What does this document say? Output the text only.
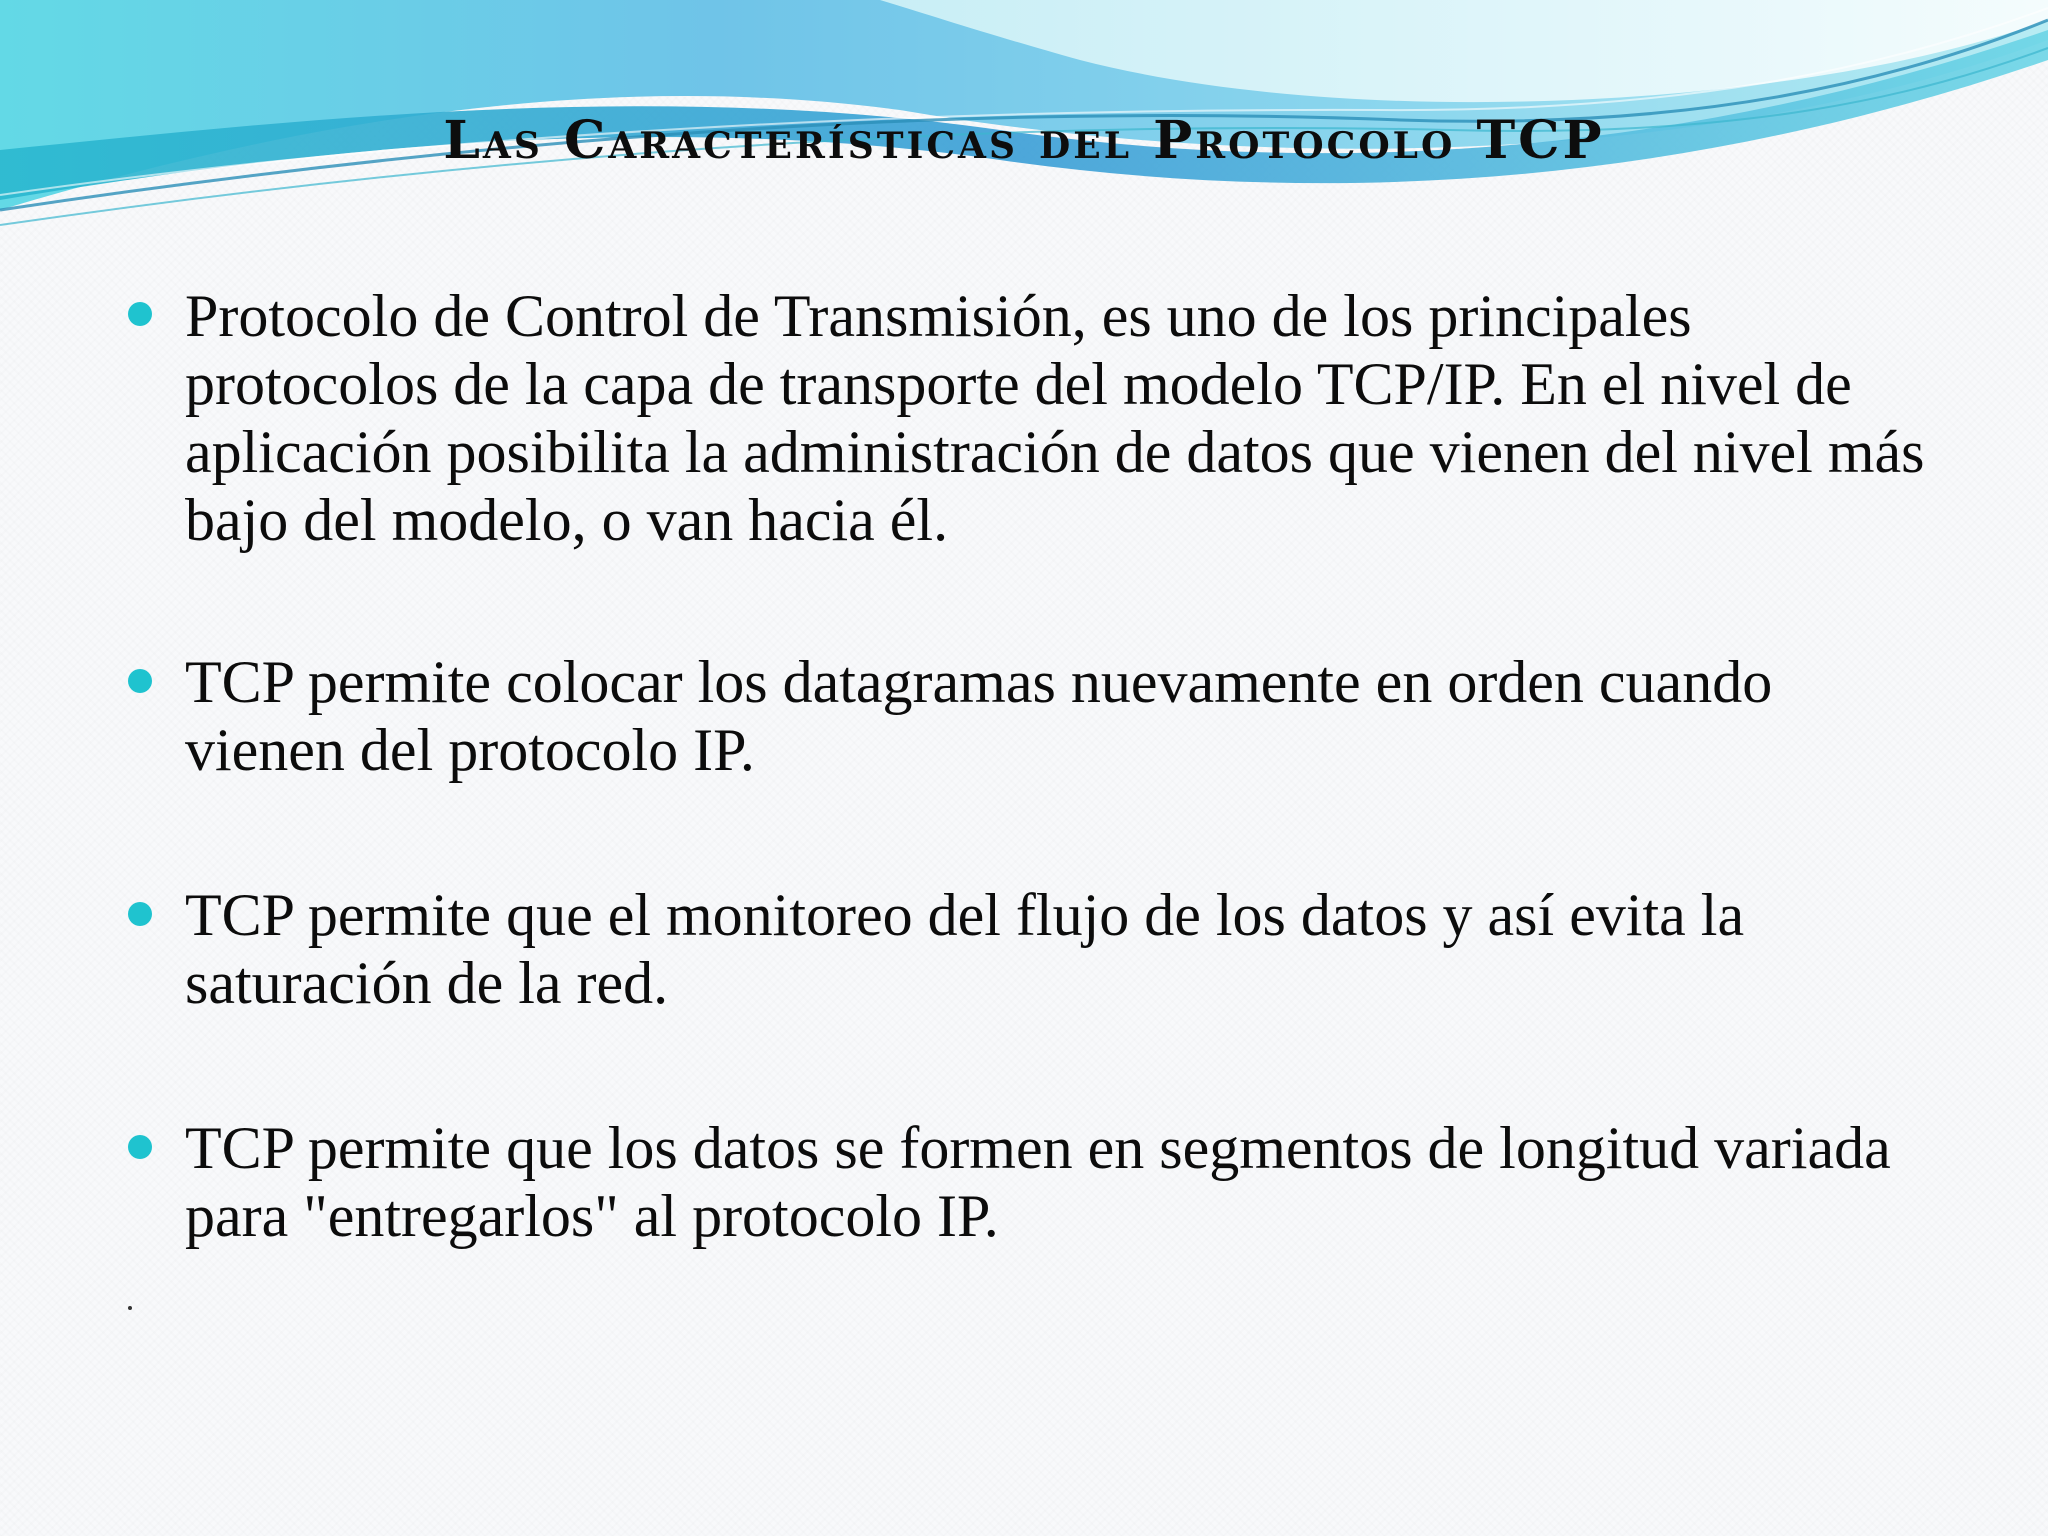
Las Características del Protocolo TCP
Protocolo de Control de Transmisión, es uno de los principales protocolos de la capa de transporte del modelo TCP/IP. En el nivel de aplicación posibilita la administración de datos que vienen del nivel más bajo del modelo, o van hacia él.
TCP permite colocar los datagramas nuevamente en orden cuando vienen del protocolo IP.
TCP permite que el monitoreo del flujo de los datos y así evita la saturación de la red.
TCP permite que los datos se formen en segmentos de longitud variada para "entregarlos" al protocolo IP.
